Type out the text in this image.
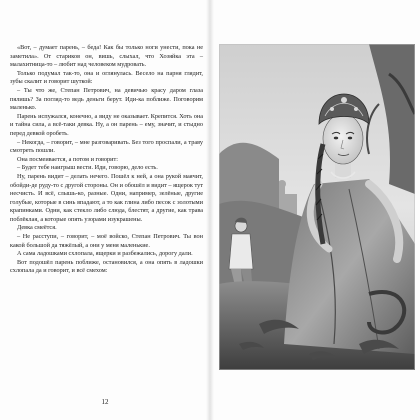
«Вот, – думает парень, – беда! Как бы только ноги унести, пока не заметила». От стариков он, вишь, слыхал, что Хозяйка эта – малахитница-то – любит над человеком мудровать.

Только подумал так-то, она и оглянулась. Весело на парня глядит, зубы скалит и говорит шуткой:

– Ты что же, Степан Петрович, на девичью красу даром глаза пялишь? За погляд-то ведь деньги берут. Иди-ка поближе. Поговорим маленько.

Парень испужался, конечно, а виду не оказывает. Крепится. Хоть она и тайна сила, а всё-таки девка. Ну, а он парень – ему, значит, и стыдно перед девкой оробеть.

– Некогда, – говорит, – мне разговаривать. Без того проспали, а траву смотреть пошли.

Она посмеивается, а потом и говорит:

– Будет тебе наигрыш вести. Иди, говорю, дело есть.

Ну, парень видит – делать нечего. Пошёл к ней, а она рукой маячит, обойди-де руду-то с другой стороны. Он и обошёл и видит – ящерок тут несчисть. И всё, слышь-ко, разные. Одни, например, зелёные, другие голубые, которые в синь впадают, а то как глина либо песок с золотыми крапинками. Одни, как стекло либо слюда, блестят, а другие, как трава поблёклая, а которые опять узорами изукрашены.

Девка смеётся.

– Не расступи, – говорит, – моё войско, Степан Петрович. Ты вон какой большой да тяжёлый, а они у меня маленькие.

А сама ладошками схлопала, ящерки и разбежались, дорогу дали.

Вот подошёл парень поближе, остановился, а она опять в ладошки схлопала да и говорит, и всё смехом:

12
